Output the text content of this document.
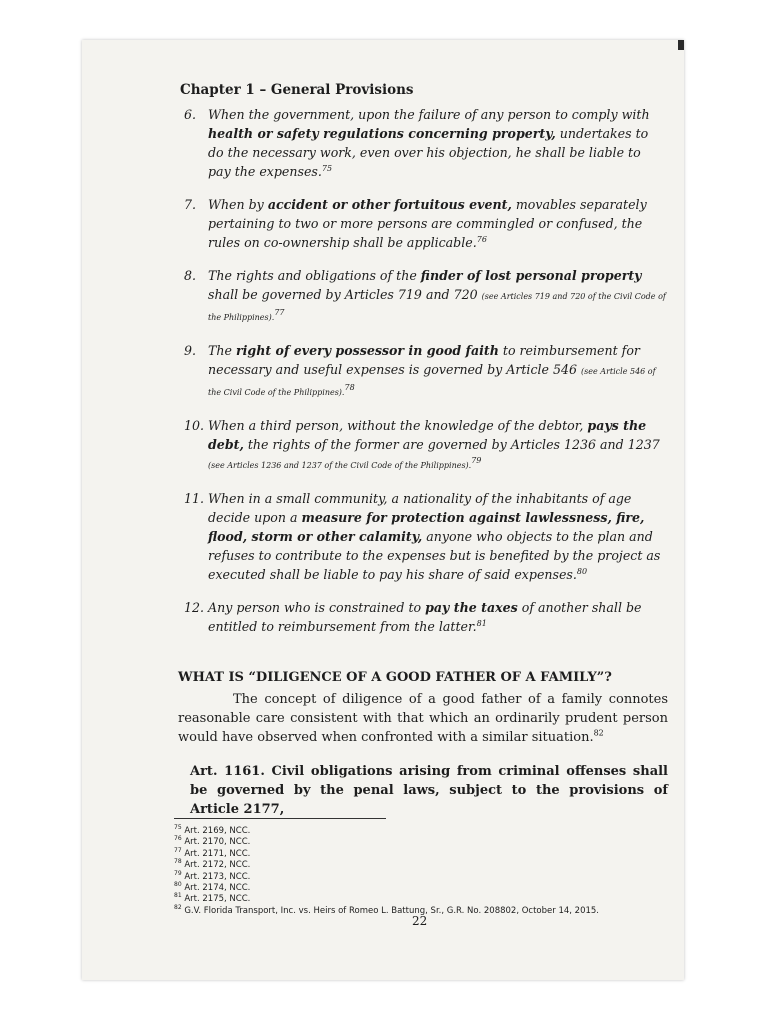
Chapter 1 – General Provisions
6. When the government, upon the failure of any person to comply with health or safety regulations concerning property, undertakes to do the necessary work, even over his objection, he shall be liable to pay the expenses.$^{75}$
7. When by accident or other fortuitous event, movables separately pertaining to two or more persons are commingled or confused, the rules on co-ownership shall be applicable.$^{76}$
8. The rights and obligations of the finder of lost personal property shall be governed by Articles 719 and 720 (see Articles 719 and 720 of the Civil Code of the Philippines).$^{77}$
9. The right of every possessor in good faith to reimbursement for necessary and useful expenses is governed by Article 546 (see Article 546 of the Civil Code of the Philippines).$^{78}$
10. When a third person, without the knowledge of the debtor, pays the debt, the rights of the former are governed by Articles 1236 and 1237 (see Articles 1236 and 1237 of the Civil Code of the Philippines).$^{79}$
11. When in a small community, a nationality of the inhabitants of age decide upon a measure for protection against lawlessness, fire, flood, storm or other calamity, anyone who objects to the plan and refuses to contribute to the expenses but is benefited by the project as executed shall be liable to pay his share of said expenses.$^{80}$
12. Any person who is constrained to pay the taxes of another shall be entitled to reimbursement from the latter.$^{81}$
WHAT IS “DILIGENCE OF A GOOD FATHER OF A FAMILY”?
The concept of diligence of a good father of a family connotes reasonable care consistent with that which an ordinarily prudent person would have observed when confronted with a similar situation.$^{82}$
Art. 1161. Civil obligations arising from criminal offenses shall be governed by the penal laws, subject to the provisions of Article 2177,
$^{75}$ Art. 2169, NCC.
$^{76}$ Art. 2170, NCC.
$^{77}$ Art. 2171, NCC.
$^{78}$ Art. 2172, NCC.
$^{79}$ Art. 2173, NCC.
$^{80}$ Art. 2174, NCC.
$^{81}$ Art. 2175, NCC.
$^{82}$ G.V. Florida Transport, Inc. vs. Heirs of Romeo L. Battung, Sr., G.R. No. 208802, October 14, 2015.
22
